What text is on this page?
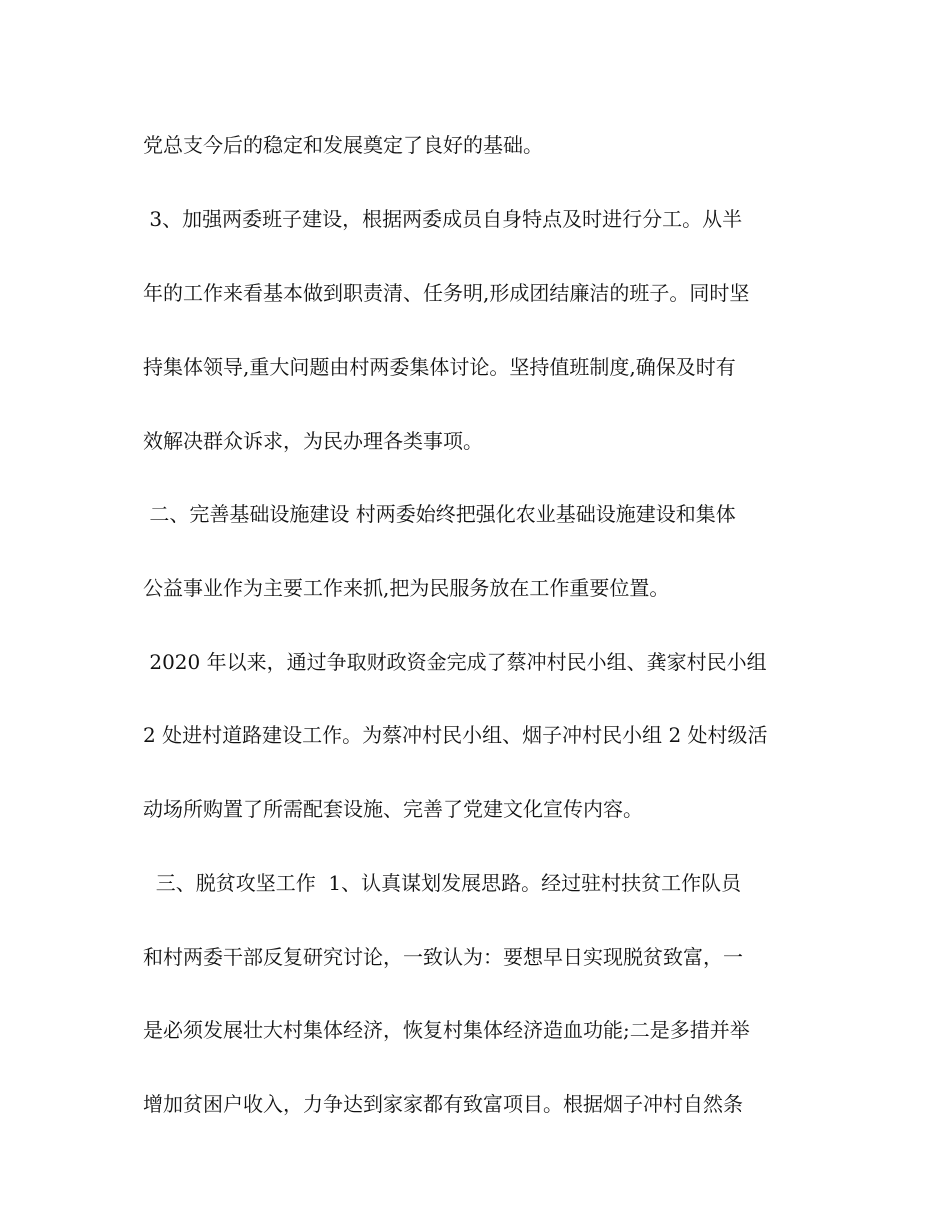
党总支今后的稳定和发展奠定了良好的基础。
3、加强两委班子建设，根据两委成员自身特点及时进行分工。从半
年的工作来看基本做到职责清、任务明,形成团结廉洁的班子。同时坚
持集体领导,重大问题由村两委集体讨论。坚持值班制度,确保及时有
效解决群众诉求，为民办理各类事项。
二、完善基础设施建设 村两委始终把强化农业基础设施建设和集体
公益事业作为主要工作来抓,把为民服务放在工作重要位置。
2020 年以来，通过争取财政资金完成了蔡冲村民小组、龚家村民小组
2 处进村道路建设工作。为蔡冲村民小组、烟子冲村民小组 2 处村级活
动场所购置了所需配套设施、完善了党建文化宣传内容。
三、脱贫攻坚工作  1、认真谋划发展思路。经过驻村扶贫工作队员
和村两委干部反复研究讨论，一致认为：要想早日实现脱贫致富，一
是必须发展壮大村集体经济，恢复村集体经济造血功能;二是多措并举
增加贫困户收入，力争达到家家都有致富项目。根据烟子冲村自然条
